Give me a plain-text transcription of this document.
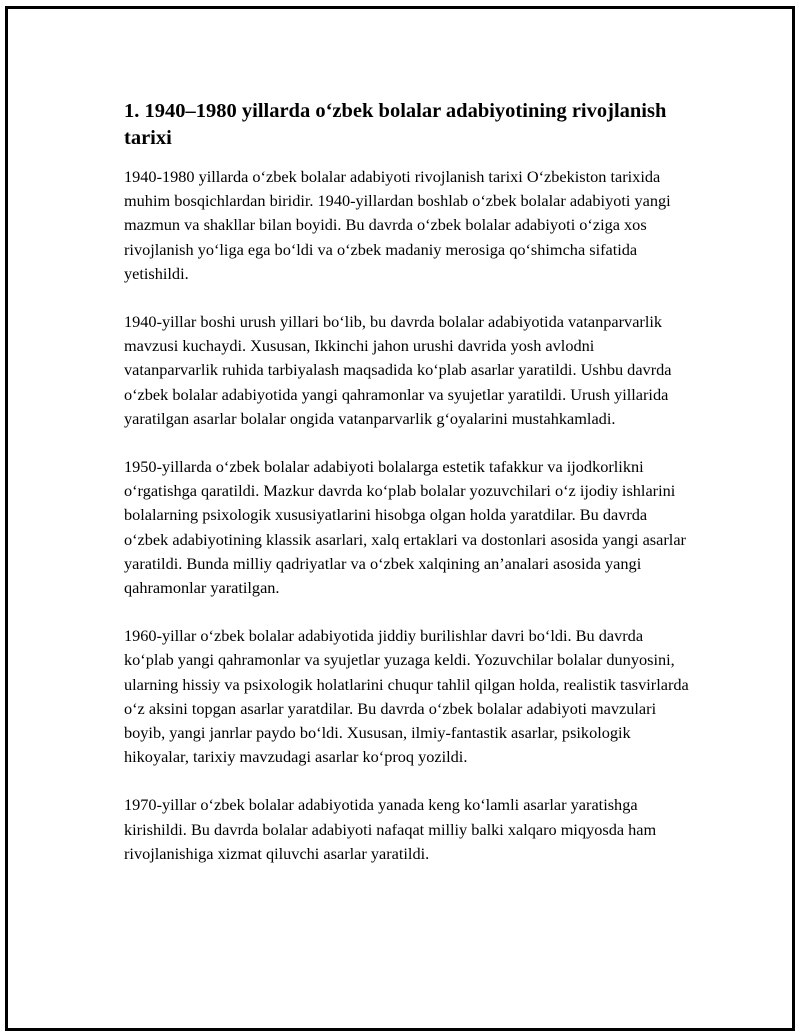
1. 1940–1980 yillarda o‘zbek bolalar adabiyotining rivojlanish tarixi

1940-1980 yillarda o‘zbek bolalar adabiyoti rivojlanish tarixi O‘zbekiston tarixida muhim bosqichlardan biridir. 1940-yillardan boshlab o‘zbek bolalar adabiyoti yangi mazmun va shakllar bilan boyidi. Bu davrda o‘zbek bolalar adabiyoti o‘ziga xos rivojlanish yo‘liga ega bo‘ldi va o‘zbek madaniy merosiga qo‘shimcha sifatida yetishildi.

1940-yillar boshi urush yillari bo‘lib, bu davrda bolalar adabiyotida vatanparvarlik mavzusi kuchaydi. Xususan, Ikkinchi jahon urushi davrida yosh avlodni vatanparvarlik ruhida tarbiyalash maqsadida ko‘plab asarlar yaratildi. Ushbu davrda o‘zbek bolalar adabiyotida yangi qahramonlar va syujetlar yaratildi. Urush yillarida yaratilgan asarlar bolalar ongida vatanparvarlik g‘oyalarini mustahkamladi.

1950-yillarda o‘zbek bolalar adabiyoti bolalarga estetik tafakkur va ijodkorlikni o‘rgatishga qaratildi. Mazkur davrda ko‘plab bolalar yozuvchilari o‘z ijodiy ishlarini bolalarning psixologik xususiyatlarini hisobga olgan holda yaratdilar. Bu davrda o‘zbek adabiyotining klassik asarlari, xalq ertaklari va dostonlari asosida yangi asarlar yaratildi. Bunda milliy qadriyatlar va o‘zbek xalqining an’analari asosida yangi qahramonlar yaratilgan.

1960-yillar o‘zbek bolalar adabiyotida jiddiy burilishlar davri bo‘ldi. Bu davrda ko‘plab yangi qahramonlar va syujetlar yuzaga keldi. Yozuvchilar bolalar dunyosini, ularning hissiy va psixologik holatlarini chuqur tahlil qilgan holda, realistik tasvirlarda o‘z aksini topgan asarlar yaratdilar. Bu davrda o‘zbek bolalar adabiyoti mavzulari boyib, yangi janrlar paydo bo‘ldi. Xususan, ilmiy-fantastik asarlar, psikologik hikoyalar, tarixiy mavzudagi asarlar ko‘proq yozildi.

1970-yillar o‘zbek bolalar adabiyotida yanada keng ko‘lamli asarlar yaratishga kirishildi. Bu davrda bolalar adabiyoti nafaqat milliy balki xalqaro miqyosda ham rivojlanishiga xizmat qiluvchi asarlar yaratildi.
